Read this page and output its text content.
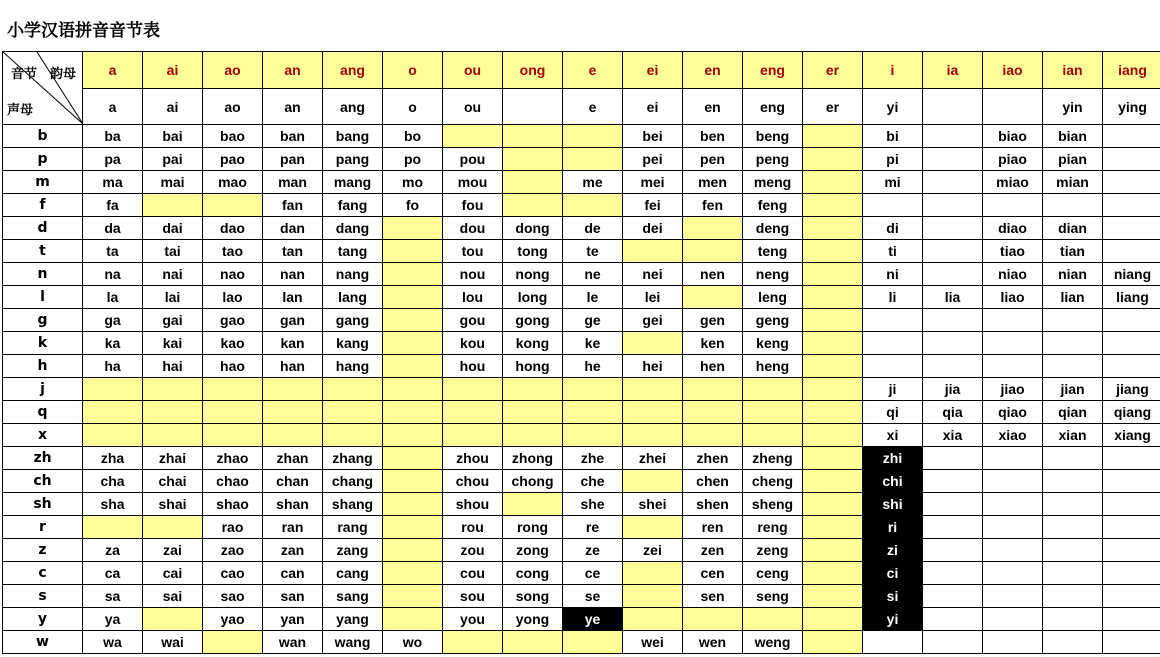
小学汉语拼音音节表
音节 韵母
声母	a	ai	ao	an	ang	o	ou	ong	e	ei	en	eng	er	i	ia	iao	ian	iang
	a	ai	ao	an	ang	o	ou		e	ei	en	eng	er	yi			yin	ying
b	ba	bai	bao	ban	bang	bo				bei	ben	beng		bi		biao	bian	
p	pa	pai	pao	pan	pang	po	pou			pei	pen	peng		pi		piao	pian	
m	ma	mai	mao	man	mang	mo	mou		me	mei	men	meng		mi		miao	mian	
f	fa			fan	fang	fo	fou			fei	fen	feng						
d	da	dai	dao	dan	dang		dou	dong	de	dei		deng		di		diao	dian	
t	ta	tai	tao	tan	tang		tou	tong	te			teng		ti		tiao	tian	
n	na	nai	nao	nan	nang		nou	nong	ne	nei	nen	neng		ni		niao	nian	niang
l	la	lai	lao	lan	lang		lou	long	le	lei		leng		li	lia	liao	lian	liang
g	ga	gai	gao	gan	gang		gou	gong	ge	gei	gen	geng						
k	ka	kai	kao	kan	kang		kou	kong	ke		ken	keng						
h	ha	hai	hao	han	hang		hou	hong	he	hei	hen	heng						
j														ji	jia	jiao	jian	jiang
q														qi	qia	qiao	qian	qiang
x														xi	xia	xiao	xian	xiang
zh	zha	zhai	zhao	zhan	zhang		zhou	zhong	zhe	zhei	zhen	zheng		zhi				
ch	cha	chai	chao	chan	chang		chou	chong	che		chen	cheng		chi				
sh	sha	shai	shao	shan	shang		shou		she	shei	shen	sheng		shi				
r			rao	ran	rang		rou	rong	re		ren	reng		ri				
z	za	zai	zao	zan	zang		zou	zong	ze	zei	zen	zeng		zi				
c	ca	cai	cao	can	cang		cou	cong	ce		cen	ceng		ci				
s	sa	sai	sao	san	sang		sou	song	se		sen	seng		si				
y	ya		yao	yan	yang		you	yong	ye					yi				
w	wa	wai		wan	wang	wo				wei	wen	weng						
